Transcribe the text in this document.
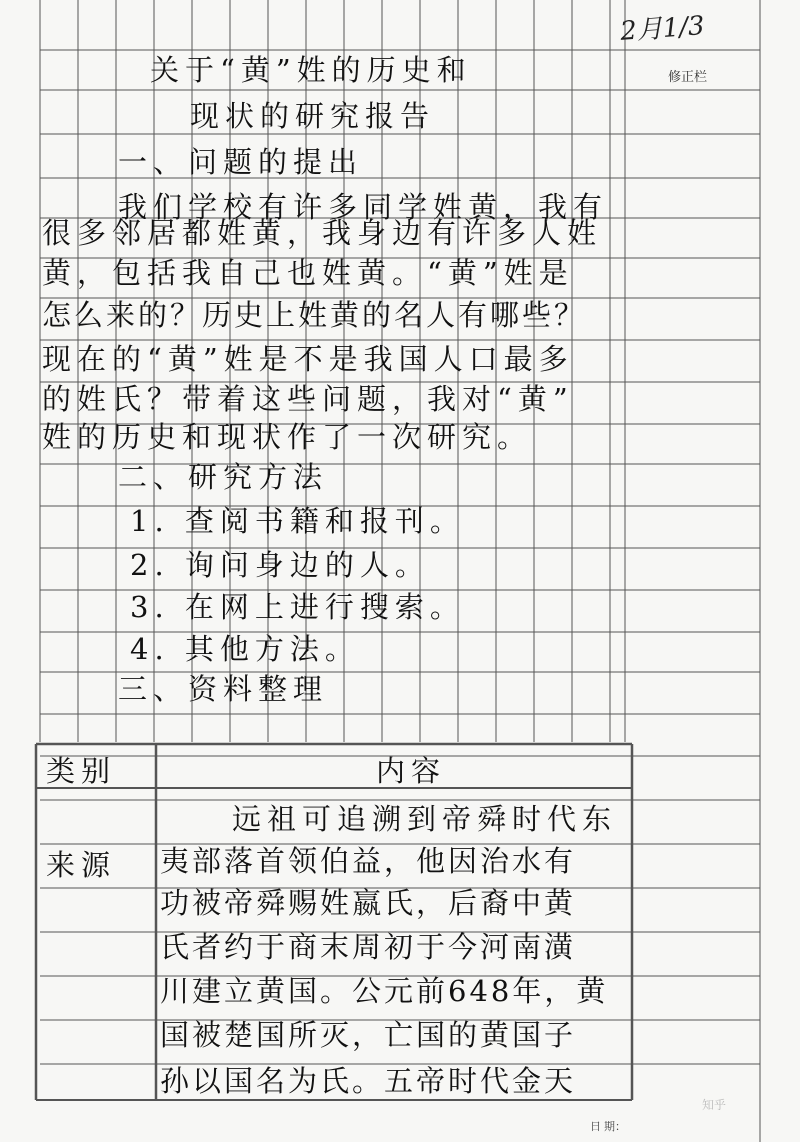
2月1/3
修正栏
关于“黄”姓的历史和
现状的研究报告
一、问题的提出
我们学校有许多同学姓黄，我有
很多邻居都姓黄，我身边有许多人姓
黄，包括我自己也姓黄。“黄”姓是
怎么来的？历史上姓黄的名人有哪些？
现在的“黄”姓是不是我国人口最多
的姓氏？带着这些问题，我对“黄”
姓的历史和现状作了一次研究。
二、研究方法
1. 查阅书籍和报刊。
2. 询问身边的人。
3. 在网上进行搜索。
4. 其他方法。
三、资料整理
类别	内容
来源
远祖可追溯到帝舜时代东
夷部落首领伯益，他因治水有
功被帝舜赐姓嬴氏，后裔中黄
氏者约于商末周初于今河南潢
川建立黄国。公元前648年，黄
国被楚国所灭，亡国的黄国子
孙以国名为氏。五帝时代金天
日 期：
知乎
